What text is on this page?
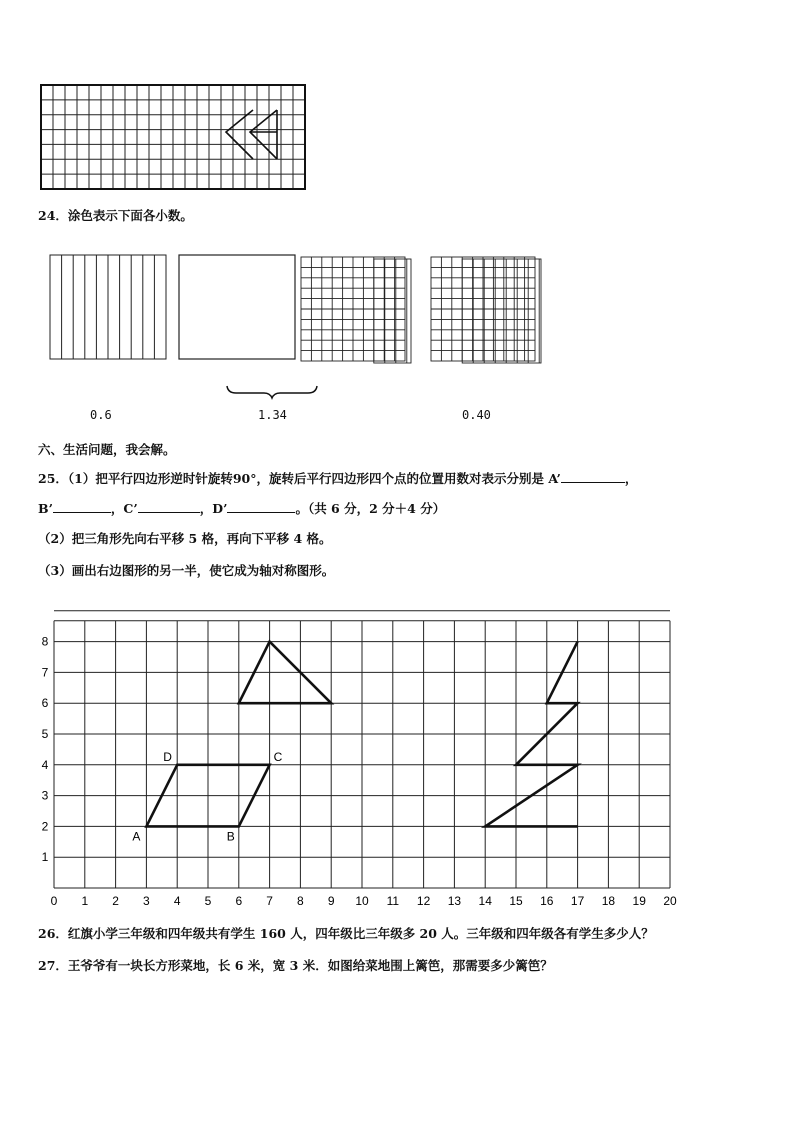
24．涂色表示下面各小数。
0.6	1.34	0.40
六、生活问题，我会解。
25．（1）把平行四边形逆时针旋转90°，旋转后平行四边形四个点的位置用数对表示分别是 A’	，
B’	，C’	，D’	。（共 6 分，2 分＋4 分）
（2）把三角形先向右平移 5 格，再向下平移 4 格。
（3）画出右边图形的另一半，使它成为轴对称图形。
0 1 2 3 4 5 6 7 8 9 10 11 12 13 14 15 16 17 18 19 20
1
2
3
4
5
6
7
8
A	B
C
D
26．红旗小学三年级和四年级共有学生 160 人，四年级比三年级多 20 人。三年级和四年级各有学生多少人？
27．王爷爷有一块长方形菜地，长 6 米，宽 3 米．如图给菜地围上篱笆，那需要多少篱笆？
